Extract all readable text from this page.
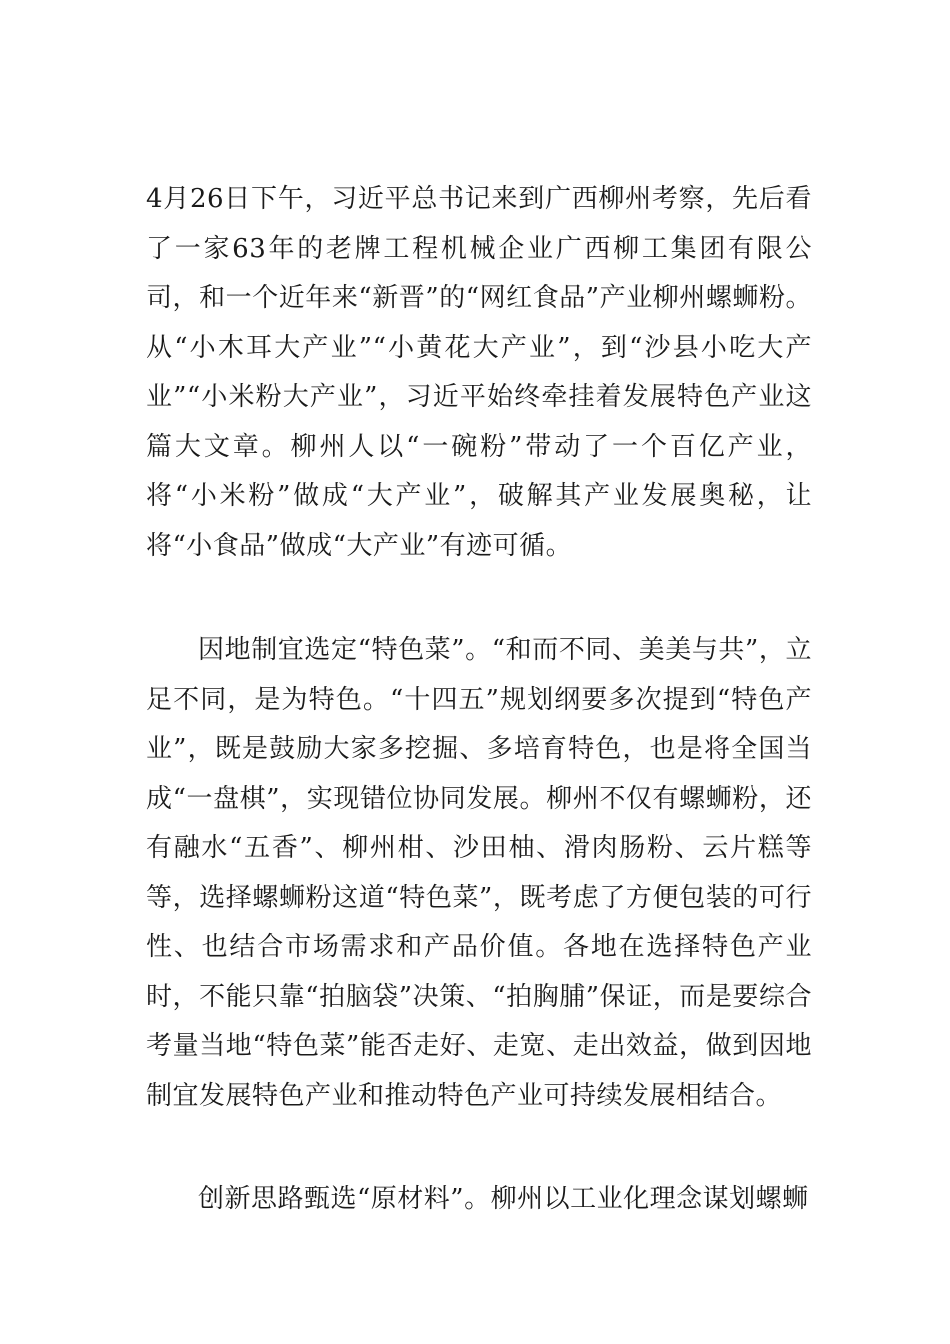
4月26日下午，习近平总书记来到广西柳州考察，先后看了一家63年的老牌工程机械企业广西柳工集团有限公司，和一个近年来“新晋”的“网红食品”产业柳州螺蛳粉。从“小木耳大产业”“小黄花大产业”，到“沙县小吃大产业”“小米粉大产业”，习近平始终牵挂着发展特色产业这篇大文章。柳州人以“一碗粉”带动了一个百亿产业，将“小米粉”做成“大产业”，破解其产业发展奥秘，让将“小食品”做成“大产业”有迹可循。

因地制宜选定“特色菜”。“和而不同、美美与共”，立足不同，是为特色。“十四五”规划纲要多次提到“特色产业”，既是鼓励大家多挖掘、多培育特色，也是将全国当成“一盘棋”，实现错位协同发展。柳州不仅有螺蛳粉，还有融水“五香”、柳州柑、沙田柚、滑肉肠粉、云片糕等等，选择螺蛳粉这道“特色菜”，既考虑了方便包装的可行性、也结合市场需求和产品价值。各地在选择特色产业时，不能只靠“拍脑袋”决策、“拍胸脯”保证，而是要综合考量当地“特色菜”能否走好、走宽、走出效益，做到因地制宜发展特色产业和推动特色产业可持续发展相结合。

创新思路甄选“原材料”。柳州以工业化理念谋划螺蛳
